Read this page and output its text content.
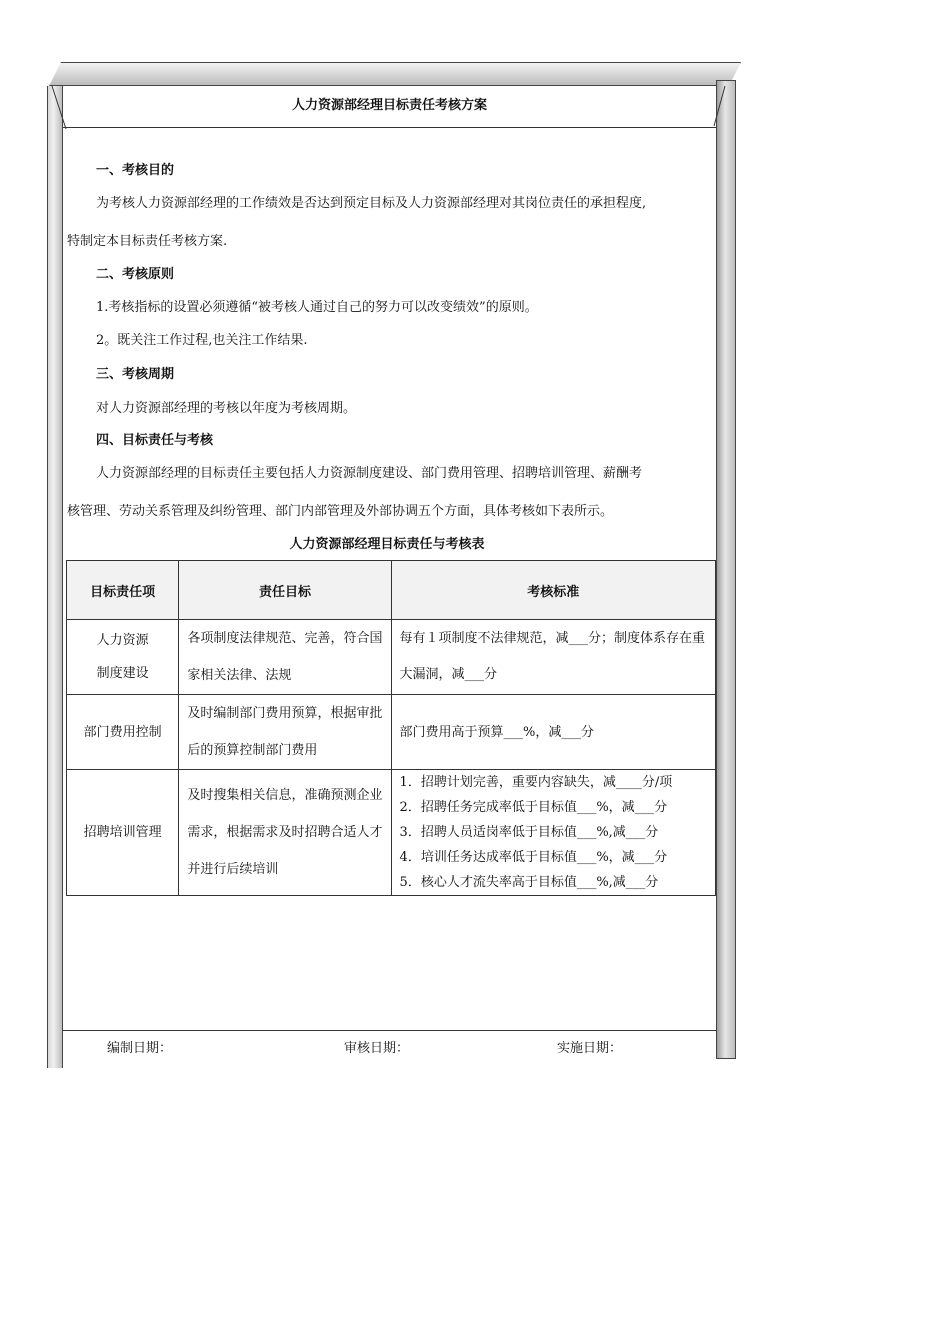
人力资源部经理目标责任考核方案
一、考核目的
为考核人力资源部经理的工作绩效是否达到预定目标及人力资源部经理对其岗位责任的承担程度,
特制定本目标责任考核方案.
二、考核原则
1.考核指标的设置必须遵循“被考核人通过自己的努力可以改变绩效”的原则。
2。既关注工作过程,也关注工作结果.
三、考核周期
对人力资源部经理的考核以年度为考核周期。
四、目标责任与考核
人力资源部经理的目标责任主要包括人力资源制度建设、部门费用管理、招聘培训管理、薪酬考
核管理、劳动关系管理及纠纷管理、部门内部管理及外部协调五个方面，具体考核如下表所示。
人力资源部经理目标责任与考核表
目标责任项	责任目标	考核标准

人力资源
制度建设	各项制度法律规范、完善，符合国家相关法律、法规	每有１项制度不法律规范，减___分；制度体系存在重大漏洞，减___分

部门费用控制	及时编制部门费用预算，根据审批后的预算控制部门费用	部门费用高于预算___%，减___分

招聘培训管理	及时搜集相关信息，准确预测企业需求，根据需求及时招聘合适人才并进行后续培训	1．招聘计划完善，重要内容缺失，减____分/项
2．招聘任务完成率低于目标值___%，减___分
3．招聘人员适岗率低于目标值___%,减___分
4．培训任务达成率低于目标值___%，减___分
5．核心人才流失率高于目标值___%,减___分
编制日期：	审核日期：	实施日期：
